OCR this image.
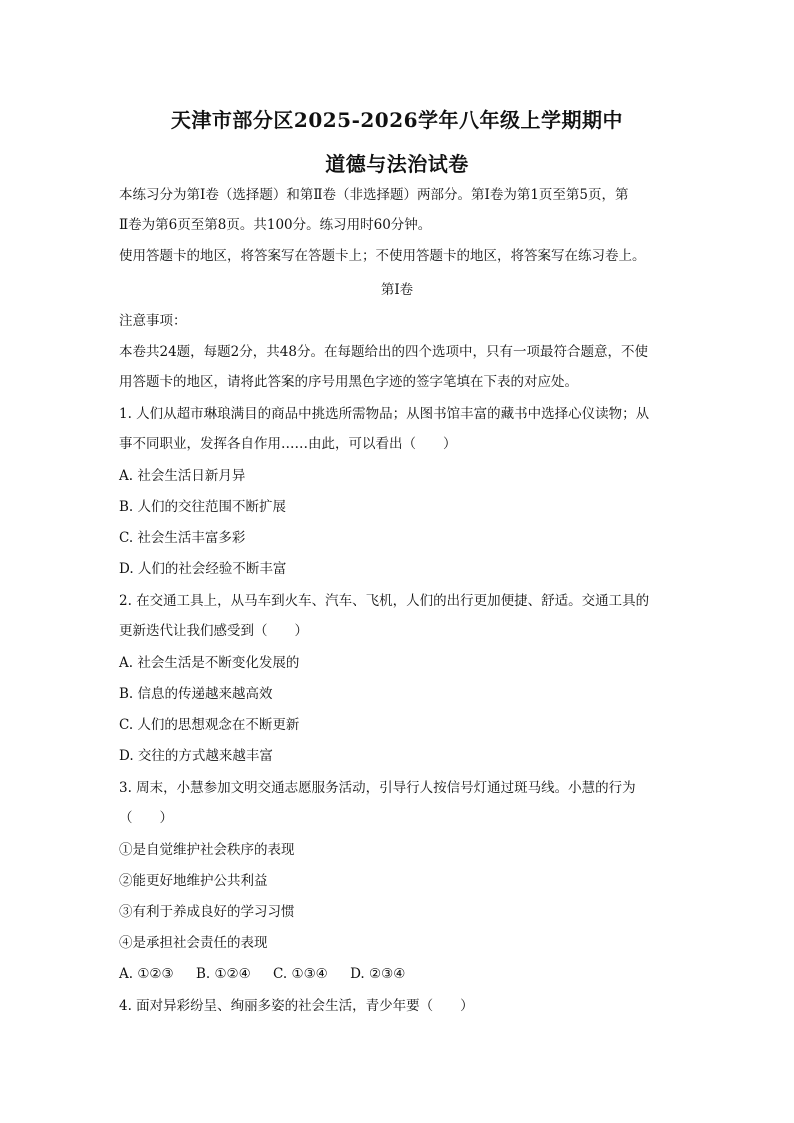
天津市部分区2025-2026学年八年级上学期期中
道德与法治试卷
本练习分为第Ⅰ卷（选择题）和第Ⅱ卷（非选择题）两部分。第Ⅰ卷为第1页至第5页，第
Ⅱ卷为第6页至第8页。共100分。练习用时60分钟。
使用答题卡的地区，将答案写在答题卡上；不使用答题卡的地区，将答案写在练习卷上。
第Ⅰ卷
注意事项：
本卷共24题，每题2分，共48分。在每题给出的四个选项中，只有一项最符合题意，不使
用答题卡的地区，请将此答案的序号用黑色字迹的签字笔填在下表的对应处。
1. 人们从超市琳琅满目的商品中挑选所需物品；从图书馆丰富的藏书中选择心仪读物；从
事不同职业，发挥各自作用……由此，可以看出（　　）
A. 社会生活日新月异
B. 人们的交往范围不断扩展
C. 社会生活丰富多彩
D. 人们的社会经验不断丰富
2. 在交通工具上，从马车到火车、汽车、飞机，人们的出行更加便捷、舒适。交通工具的
更新迭代让我们感受到（　　）
A. 社会生活是不断变化发展的
B. 信息的传递越来越高效
C. 人们的思想观念在不断更新
D. 交往的方式越来越丰富
3. 周末，小慧参加文明交通志愿服务活动，引导行人按信号灯通过斑马线。小慧的行为
（　　）
①是自觉维护社会秩序的表现
②能更好地维护公共利益
③有利于养成良好的学习习惯
④是承担社会责任的表现
A. ①②③ B. ①②④ C. ①③④ D. ②③④
4. 面对异彩纷呈、绚丽多姿的社会生活，青少年要（　　）
